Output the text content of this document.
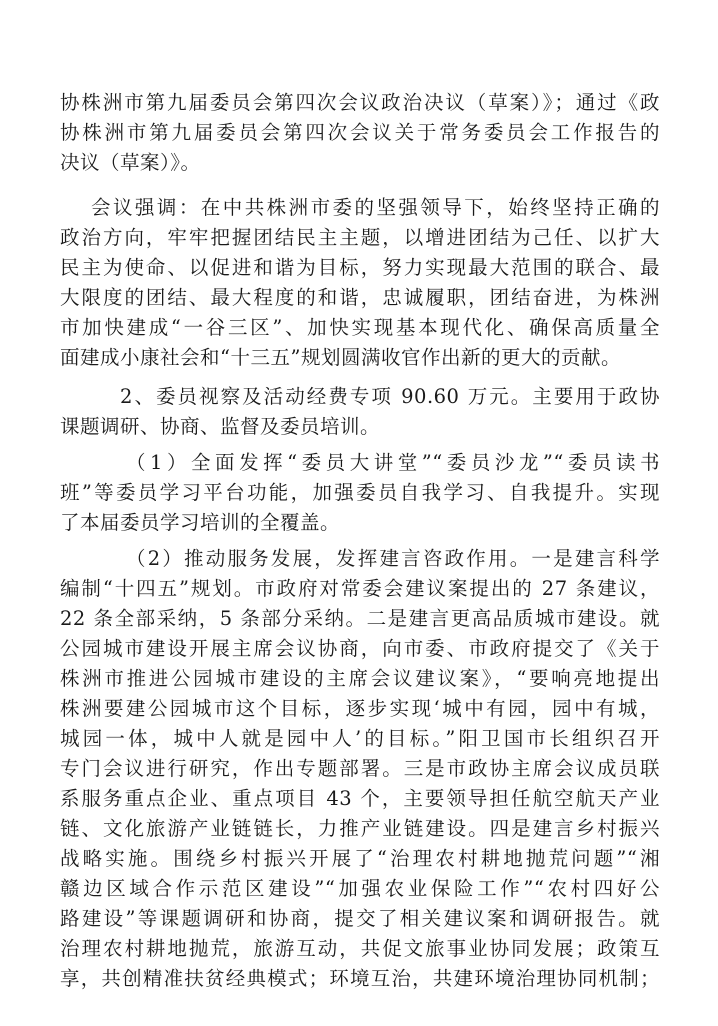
协株洲市第九届委员会第四次会议政治决议（草案）》；通过《政
协株洲市第九届委员会第四次会议关于常务委员会工作报告的
决议（草案）》。
会议强调：在中共株洲市委的坚强领导下，始终坚持正确的
政治方向，牢牢把握团结民主主题，以增进团结为己任、以扩大
民主为使命、以促进和谐为目标，努力实现最大范围的联合、最
大限度的团结、最大程度的和谐，忠诚履职，团结奋进，为株洲
市加快建成“一谷三区”、加快实现基本现代化、确保高质量全
面建成小康社会和“十三五”规划圆满收官作出新的更大的贡献。
2、委员视察及活动经费专项 90.60 万元。主要用于政协
课题调研、协商、监督及委员培训。
（1）全面发挥“委员大讲堂”“委员沙龙”“委员读书
班”等委员学习平台功能，加强委员自我学习、自我提升。实现
了本届委员学习培训的全覆盖。
（2）推动服务发展，发挥建言咨政作用。一是建言科学
编制“十四五”规划。市政府对常委会建议案提出的 27 条建议，
22 条全部采纳，5 条部分采纳。二是建言更高品质城市建设。就
公园城市建设开展主席会议协商，向市委、市政府提交了《关于
株洲市推进公园城市建设的主席会议建议案》，“要响亮地提出
株洲要建公园城市这个目标，逐步实现‘城中有园，园中有城，
城园一体，城中人就是园中人’的目标。”阳卫国市长组织召开
专门会议进行研究，作出专题部署。三是市政协主席会议成员联
系服务重点企业、重点项目 43 个，主要领导担任航空航天产业
链、文化旅游产业链链长，力推产业链建设。四是建言乡村振兴
战略实施。围绕乡村振兴开展了“治理农村耕地抛荒问题”“湘
赣边区域合作示范区建设”“加强农业保险工作”“农村四好公
路建设”等课题调研和协商，提交了相关建议案和调研报告。就
治理农村耕地抛荒，旅游互动，共促文旅事业协同发展；政策互
享，共创精准扶贫经典模式；环境互治，共建环境治理协同机制；
